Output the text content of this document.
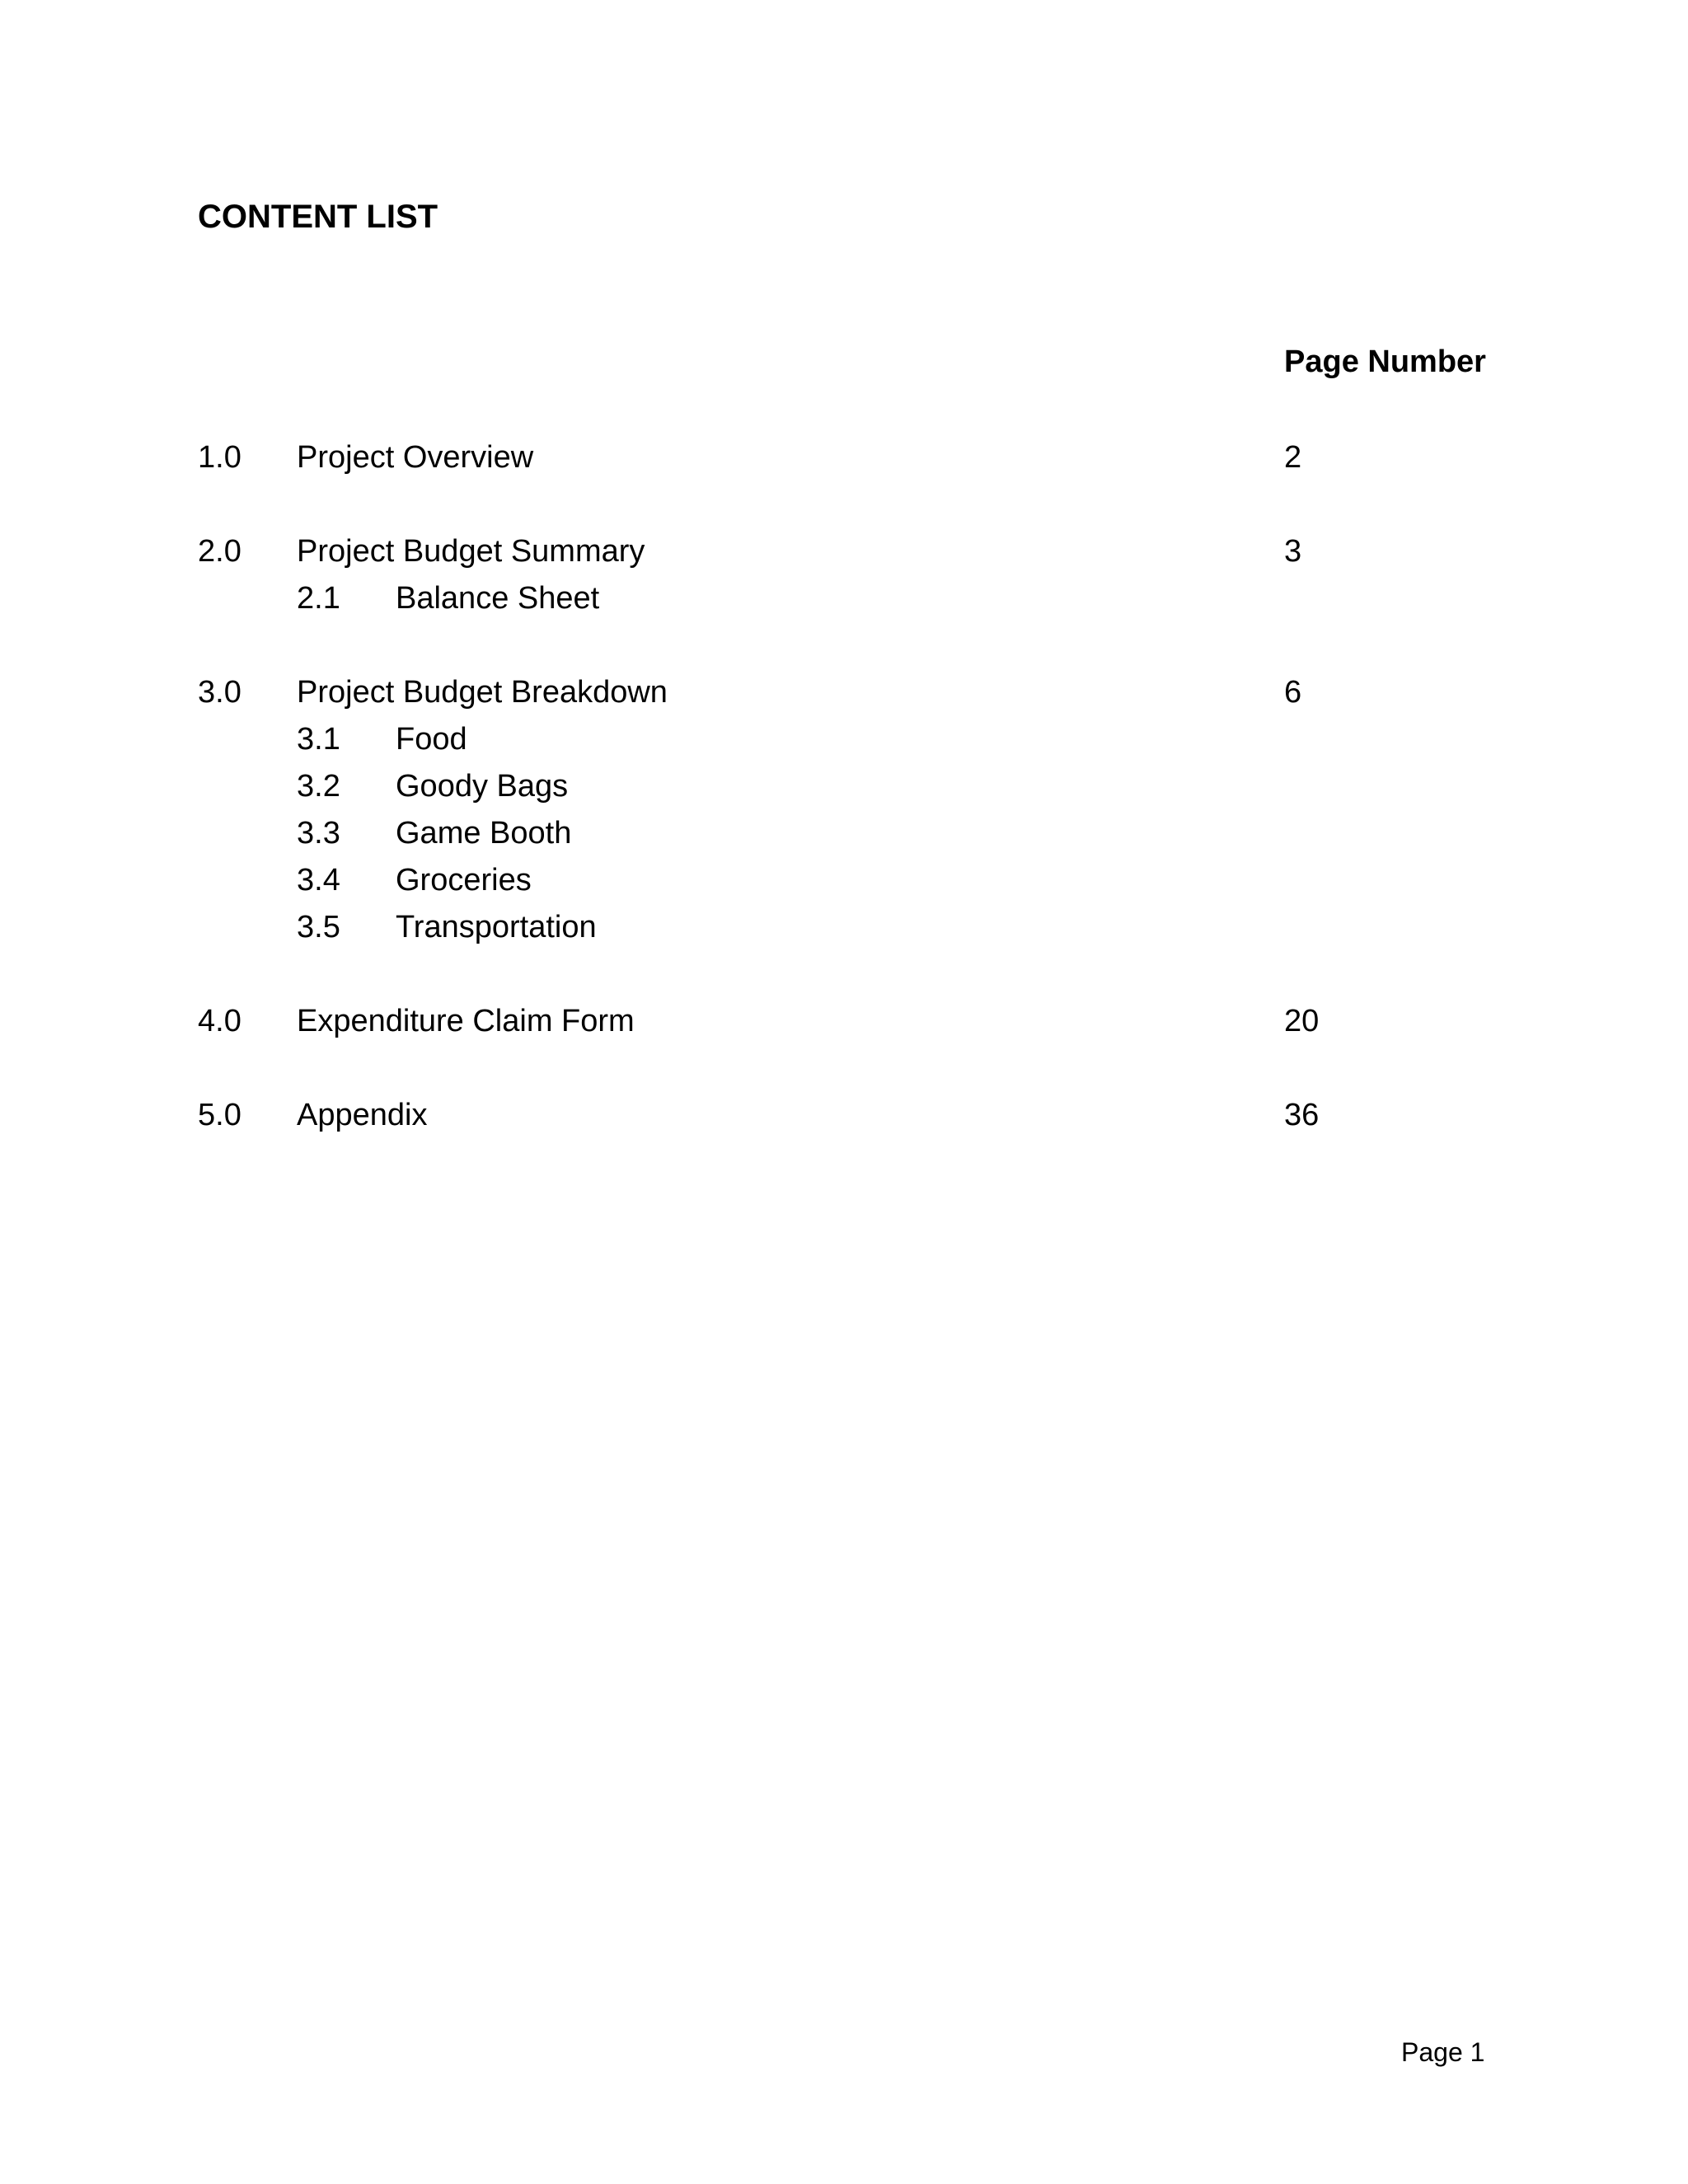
CONTENT LIST
Page Number
1.0 Project Overview	2
2.0 Project Budget Summary	3
2.1 Balance Sheet
3.0 Project Budget Breakdown	6
3.1 Food
3.2 Goody Bags
3.3 Game Booth
3.4 Groceries
3.5 Transportation
4.0 Expenditure Claim Form	20
5.0 Appendix	36
Page 1
